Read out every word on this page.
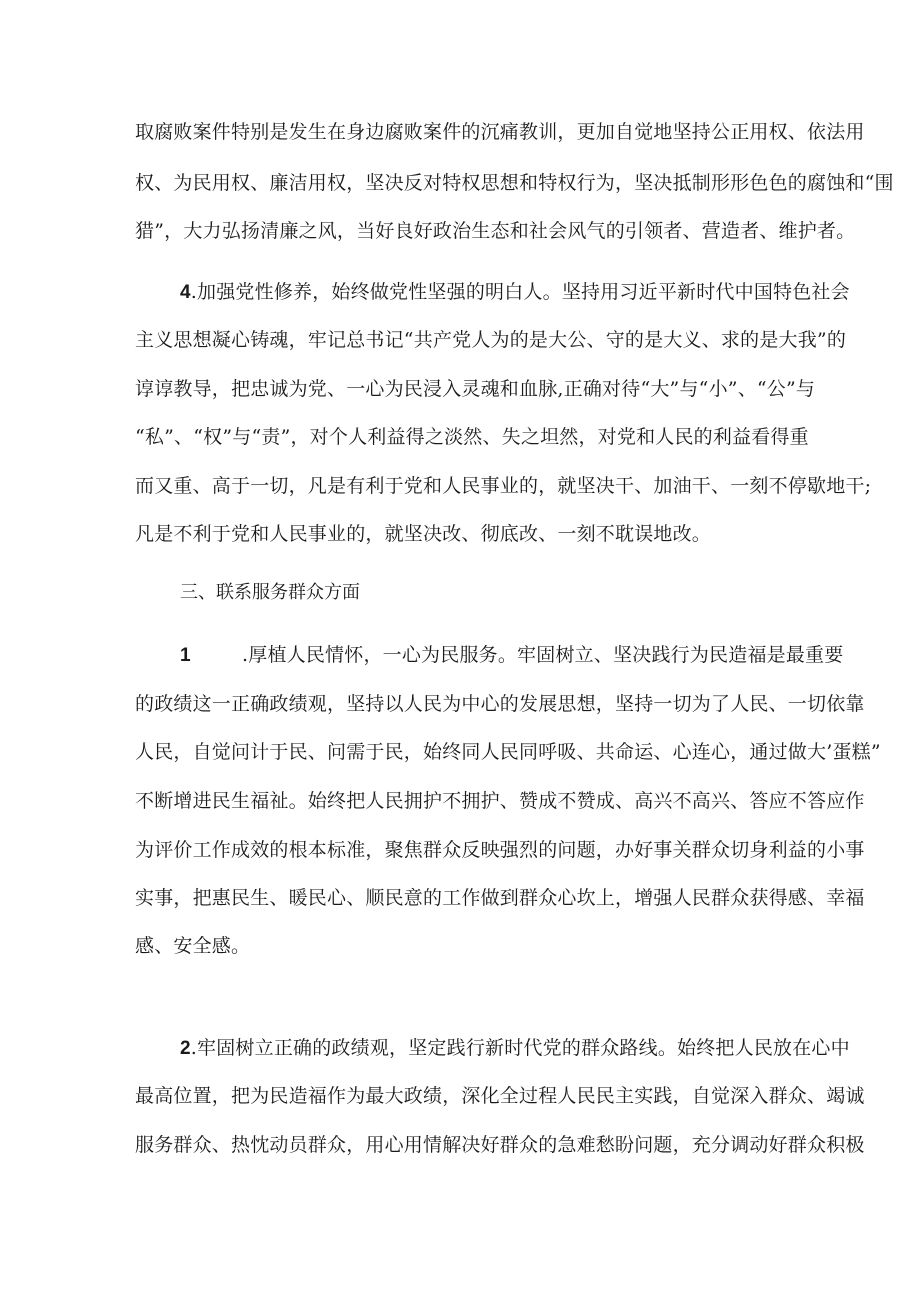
取腐败案件特别是发生在身边腐败案件的沉痛教训，更加自觉地坚持公正用权、依法用
权、为民用权、廉洁用权，坚决反对特权思想和特权行为，坚决抵制形形色色的腐蚀和“围
猎”，大力弘扬清廉之风，当好良好政治生态和社会风气的引领者、营造者、维护者。
4.加强党性修养，始终做党性坚强的明白人。坚持用习近平新时代中国特色社会
主义思想凝心铸魂，牢记总书记“共产党人为的是大公、守的是大义、求的是大我”的
谆谆教导，把忠诚为党、一心为民浸入灵魂和血脉,正确对待“大”与“小”、“公”与
“私”、“权”与“责”，对个人利益得之淡然、失之坦然，对党和人民的利益看得重
而又重、高于一切，凡是有利于党和人民事业的，就坚决干、加油干、一刻不停歇地干;
凡是不利于党和人民事业的，就坚决改、彻底改、一刻不耽误地改。
三、联系服务群众方面
1	.厚植人民情怀，一心为民服务。牢固树立、坚决践行为民造福是最重要
的政绩这一正确政绩观，坚持以人民为中心的发展思想，坚持一切为了人民、一切依靠
人民，自觉问计于民、问需于民，始终同人民同呼吸、共命运、心连心，通过做大’蛋糕”
不断增进民生福祉。始终把人民拥护不拥护、赞成不赞成、高兴不高兴、答应不答应作
为评价工作成效的根本标准，聚焦群众反映强烈的问题，办好事关群众切身利益的小事
实事，把惠民生、暖民心、顺民意的工作做到群众心坎上，增强人民群众获得感、幸福
感、安全感。
2.牢固树立正确的政绩观，坚定践行新时代党的群众路线。始终把人民放在心中
最高位置，把为民造福作为最大政绩，深化全过程人民民主实践，自觉深入群众、竭诚
服务群众、热忱动员群众，用心用情解决好群众的急难愁盼问题，充分调动好群众积极
